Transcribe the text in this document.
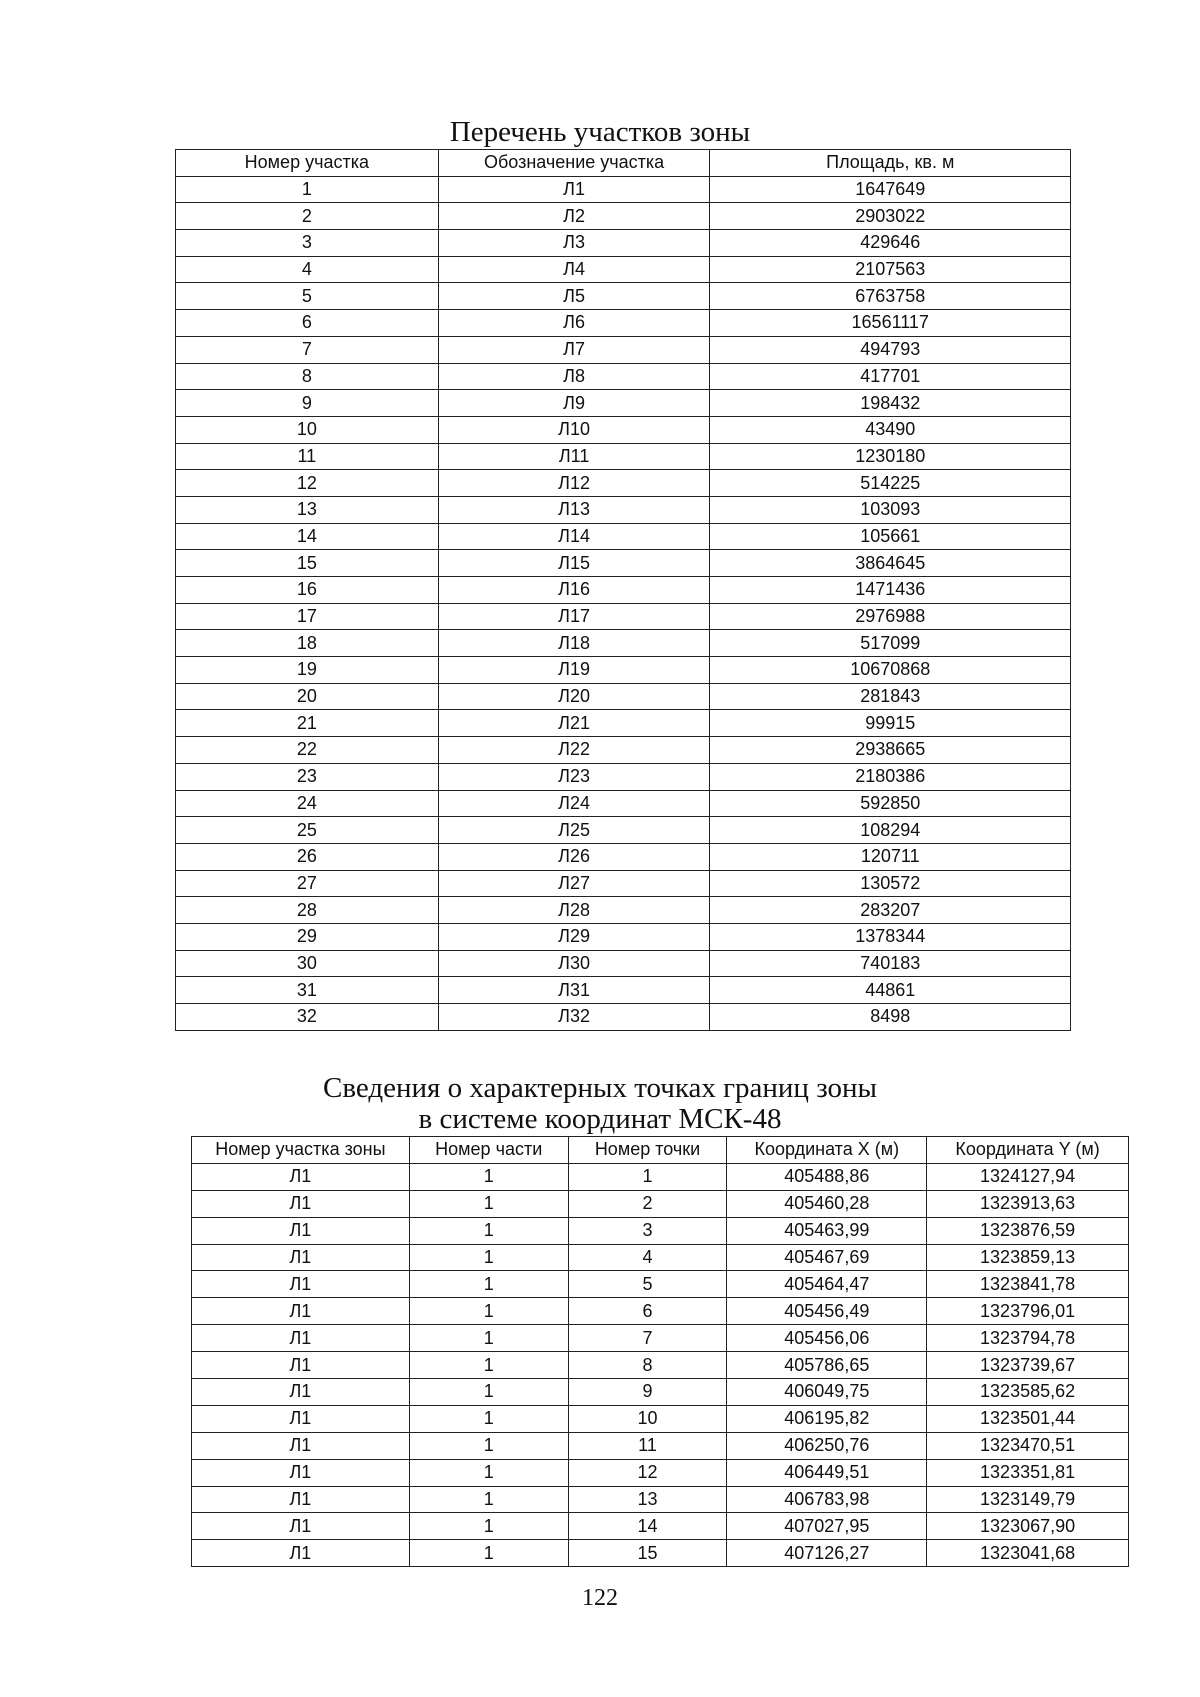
Перечень участков зоны
Номер участка	Обозначение участка	Площадь, кв. м
1	Л1	1647649
2	Л2	2903022
3	Л3	429646
4	Л4	2107563
5	Л5	6763758
6	Л6	16561117
7	Л7	494793
8	Л8	417701
9	Л9	198432
10	Л10	43490
11	Л11	1230180
12	Л12	514225
13	Л13	103093
14	Л14	105661
15	Л15	3864645
16	Л16	1471436
17	Л17	2976988
18	Л18	517099
19	Л19	10670868
20	Л20	281843
21	Л21	99915
22	Л22	2938665
23	Л23	2180386
24	Л24	592850
25	Л25	108294
26	Л26	120711
27	Л27	130572
28	Л28	283207
29	Л29	1378344
30	Л30	740183
31	Л31	44861
32	Л32	8498
Сведения о характерных точках границ зоны
в системе координат МСК-48
Номер участка зоны	Номер части	Номер точки	Координата X (м)	Координата Y (м)
Л1	1	1	405488,86	1324127,94
Л1	1	2	405460,28	1323913,63
Л1	1	3	405463,99	1323876,59
Л1	1	4	405467,69	1323859,13
Л1	1	5	405464,47	1323841,78
Л1	1	6	405456,49	1323796,01
Л1	1	7	405456,06	1323794,78
Л1	1	8	405786,65	1323739,67
Л1	1	9	406049,75	1323585,62
Л1	1	10	406195,82	1323501,44
Л1	1	11	406250,76	1323470,51
Л1	1	12	406449,51	1323351,81
Л1	1	13	406783,98	1323149,79
Л1	1	14	407027,95	1323067,90
Л1	1	15	407126,27	1323041,68
122
